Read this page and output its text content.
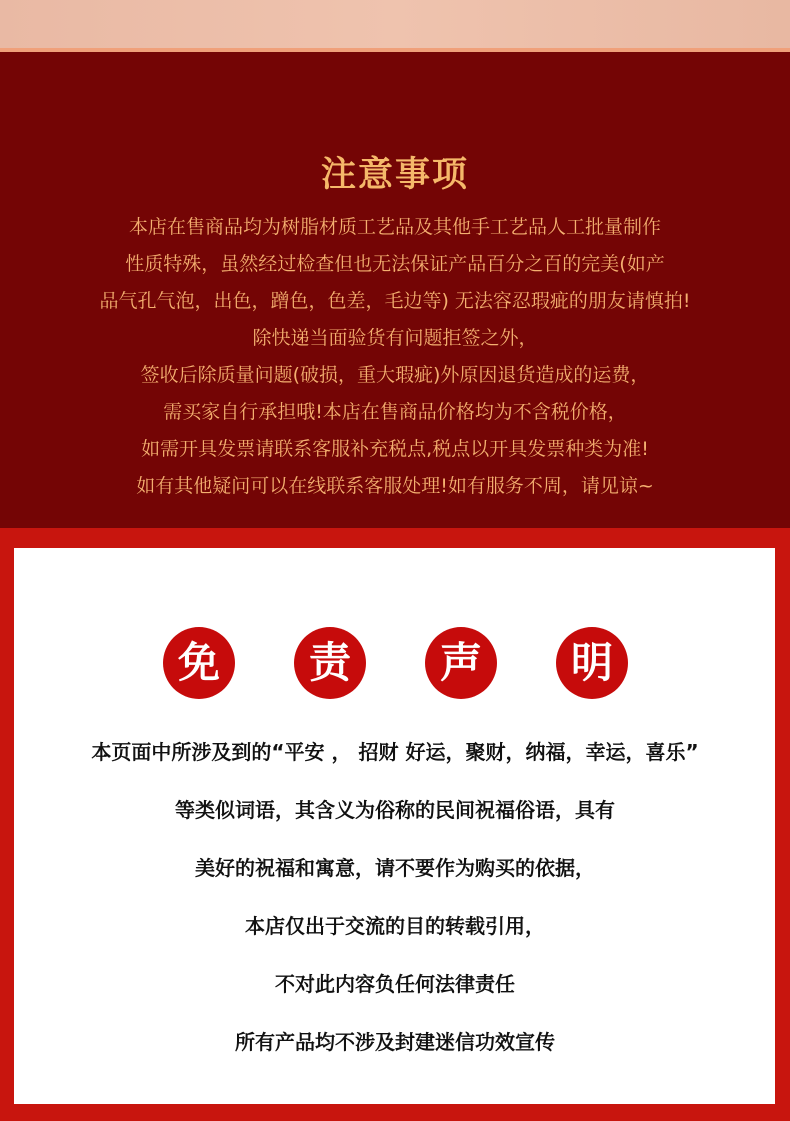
注意事项
本店在售商品均为树脂材质工艺品及其他手工艺品人工批量制作
性质特殊，虽然经过检查但也无法保证产品百分之百的完美(如产
品气孔气泡，出色，蹭色，色差，毛边等) 无法容忍瑕疵的朋友请慎拍!
除快递当面验货有问题拒签之外，
签收后除质量问题(破损，重大瑕疵)外原因退货造成的运费，
需买家自行承担哦!本店在售商品价格均为不含税价格，
如需开具发票请联系客服补充税点,税点以开具发票种类为准!
如有其他疑问可以在线联系客服处理!如有服务不周，请见谅~
免	责	声	明
本页面中所涉及到的“平安 ， 招财 好运，聚财，纳福，幸运，喜乐”
等类似词语，其含义为俗称的民间祝福俗语，具有
美好的祝福和寓意，请不要作为购买的依据，
本店仅出于交流的目的转载引用，
不对此内容负任何法律责任
所有产品均不涉及封建迷信功效宣传
